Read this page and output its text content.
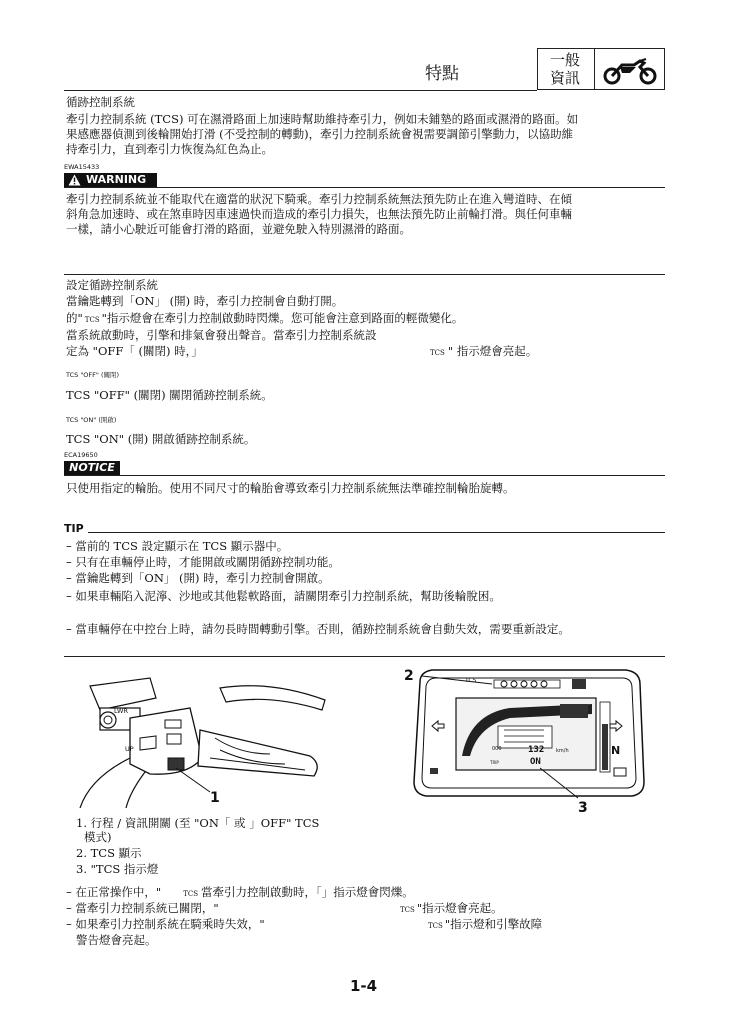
特點
一般
資訊
循跡控制系統
牽引力控制系統 (TCS) 可在濕滑路面上加速時幫助維持牽引力，例如未鋪墊的路面或濕滑的路面。如
果感應器偵測到後輪開始打滑 (不受控制的轉動)，牽引力控制系統會視需要調節引擎動力，以協助維
持牽引力，直到牽引力恢復為紅色為止。
EWA15433
WARNING
牽引力控制系統並不能取代在適當的狀況下騎乘。牽引力控制系統無法預先防止在進入彎道時、在傾
斜角急加速時、或在煞車時因車速過快而造成的牽引力損失，也無法預先防止前輪打滑。與任何車輛
一樣，請小心駛近可能會打滑的路面，並避免駛入特別濕滑的路面。
設定循跡控制系統
當鑰匙轉到「ON」 (開) 時，牽引力控制會自動打開。
的" TCS "指示燈會在牽引力控制啟動時閃爍。您可能會注意到路面的輕微變化。
當系統啟動時，引擎和排氣會發出聲音。當牽引力控制系統設
定為 "OFF「 (關閉) 時，」	TCS " 指示燈會亮起。
TCS "OFF" (關閉)
TCS "OFF" (關閉) 關閉循跡控制系統。
TCS "ON" (開啟)
TCS "ON" (開) 開啟循跡控制系統。
ECA19650
NOTICE
只使用指定的輪胎。使用不同尺寸的輪胎會導致牽引力控制系統無法準確控制輪胎旋轉。
TIP
– 當前的 TCS 設定顯示在 TCS 顯示器中。
– 只有在車輛停止時，才能開啟或關閉循跡控制功能。
– 當鑰匙轉到「ON」 (開) 時，牽引力控制會開啟。
– 如果車輛陷入泥濘、沙地或其他鬆軟路面，請關閉牽引力控制系統，幫助後輪脫困。
– 當車輛停在中控台上時，請勿長時間轉動引擎。否則，循跡控制系統會自動失效，需要重新設定。
LWR
UP
1
2	TCS
132 km/h
ON
000
TRIP
N
3
1. 行程 / 資訊開關 (至 "ON「 或 」OFF" TCS
模式)
2. TCS 顯示
3. "TCS 指示燈
– 在正常操作中，"	TCS 當牽引力控制啟動時，「」指示燈會閃爍。
– 當牽引力控制系統已關閉，"	TCS "指示燈會亮起。
– 如果牽引力控制系統在騎乘時失效，"	TCS "指示燈和引擎故障
警告燈會亮起。
1-4
